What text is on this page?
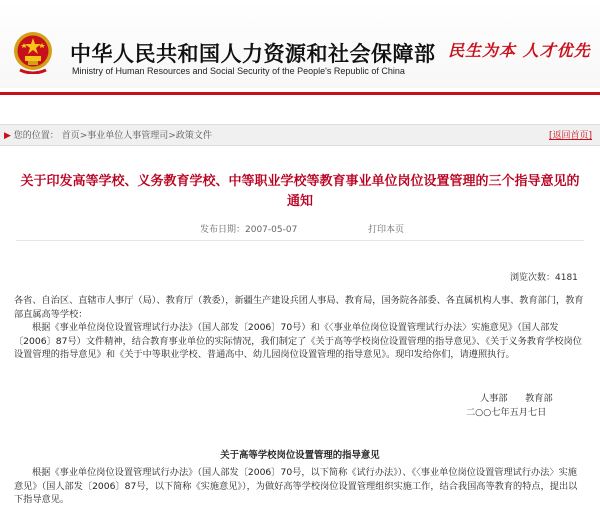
中华人民共和国人力资源和社会保障部
Ministry of Human Resources and Social Security of the People's Republic of China
民生为本 人才优先
▶ 您的位置： 首页>事业单位人事管理司>政策文件	[返回首页]
关于印发高等学校、义务教育学校、中等职业学校等教育事业单位岗位设置管理的三个指导意见的通知
发布日期：2007-05-07	打印本页
浏览次数：4181

各省、自治区、直辖市人事厅（局）、教育厅（教委），新疆生产建设兵团人事局、教育局，国务院各部委、各直属机构人事、教育部门，教育部直属高等学校：

根据《事业单位岗位设置管理试行办法》（国人部发〔2006〕70号）和《〈事业单位岗位设置管理试行办法〉实施意见》（国人部发〔2006〕87号）文件精神，结合教育事业单位的实际情况，我们制定了《关于高等学校岗位设置管理的指导意见》、《关于义务教育学校岗位设置管理的指导意见》和《关于中等职业学校、普通高中、幼儿园岗位设置管理的指导意见》。现印发给你们，请遵照执行。

人事部      教育部
二○○七年五月七日
关于高等学校岗位设置管理的指导意见

根据《事业单位岗位设置管理试行办法》（国人部发〔2006〕70号，以下简称《试行办法》）、《〈事业单位岗位设置管理试行办法〉实施意见》（国人部发〔2006〕87号，以下简称《实施意见》），为做好高等学校岗位设置管理组织实施工作，结合我国高等教育的特点，提出以下指导意见。
